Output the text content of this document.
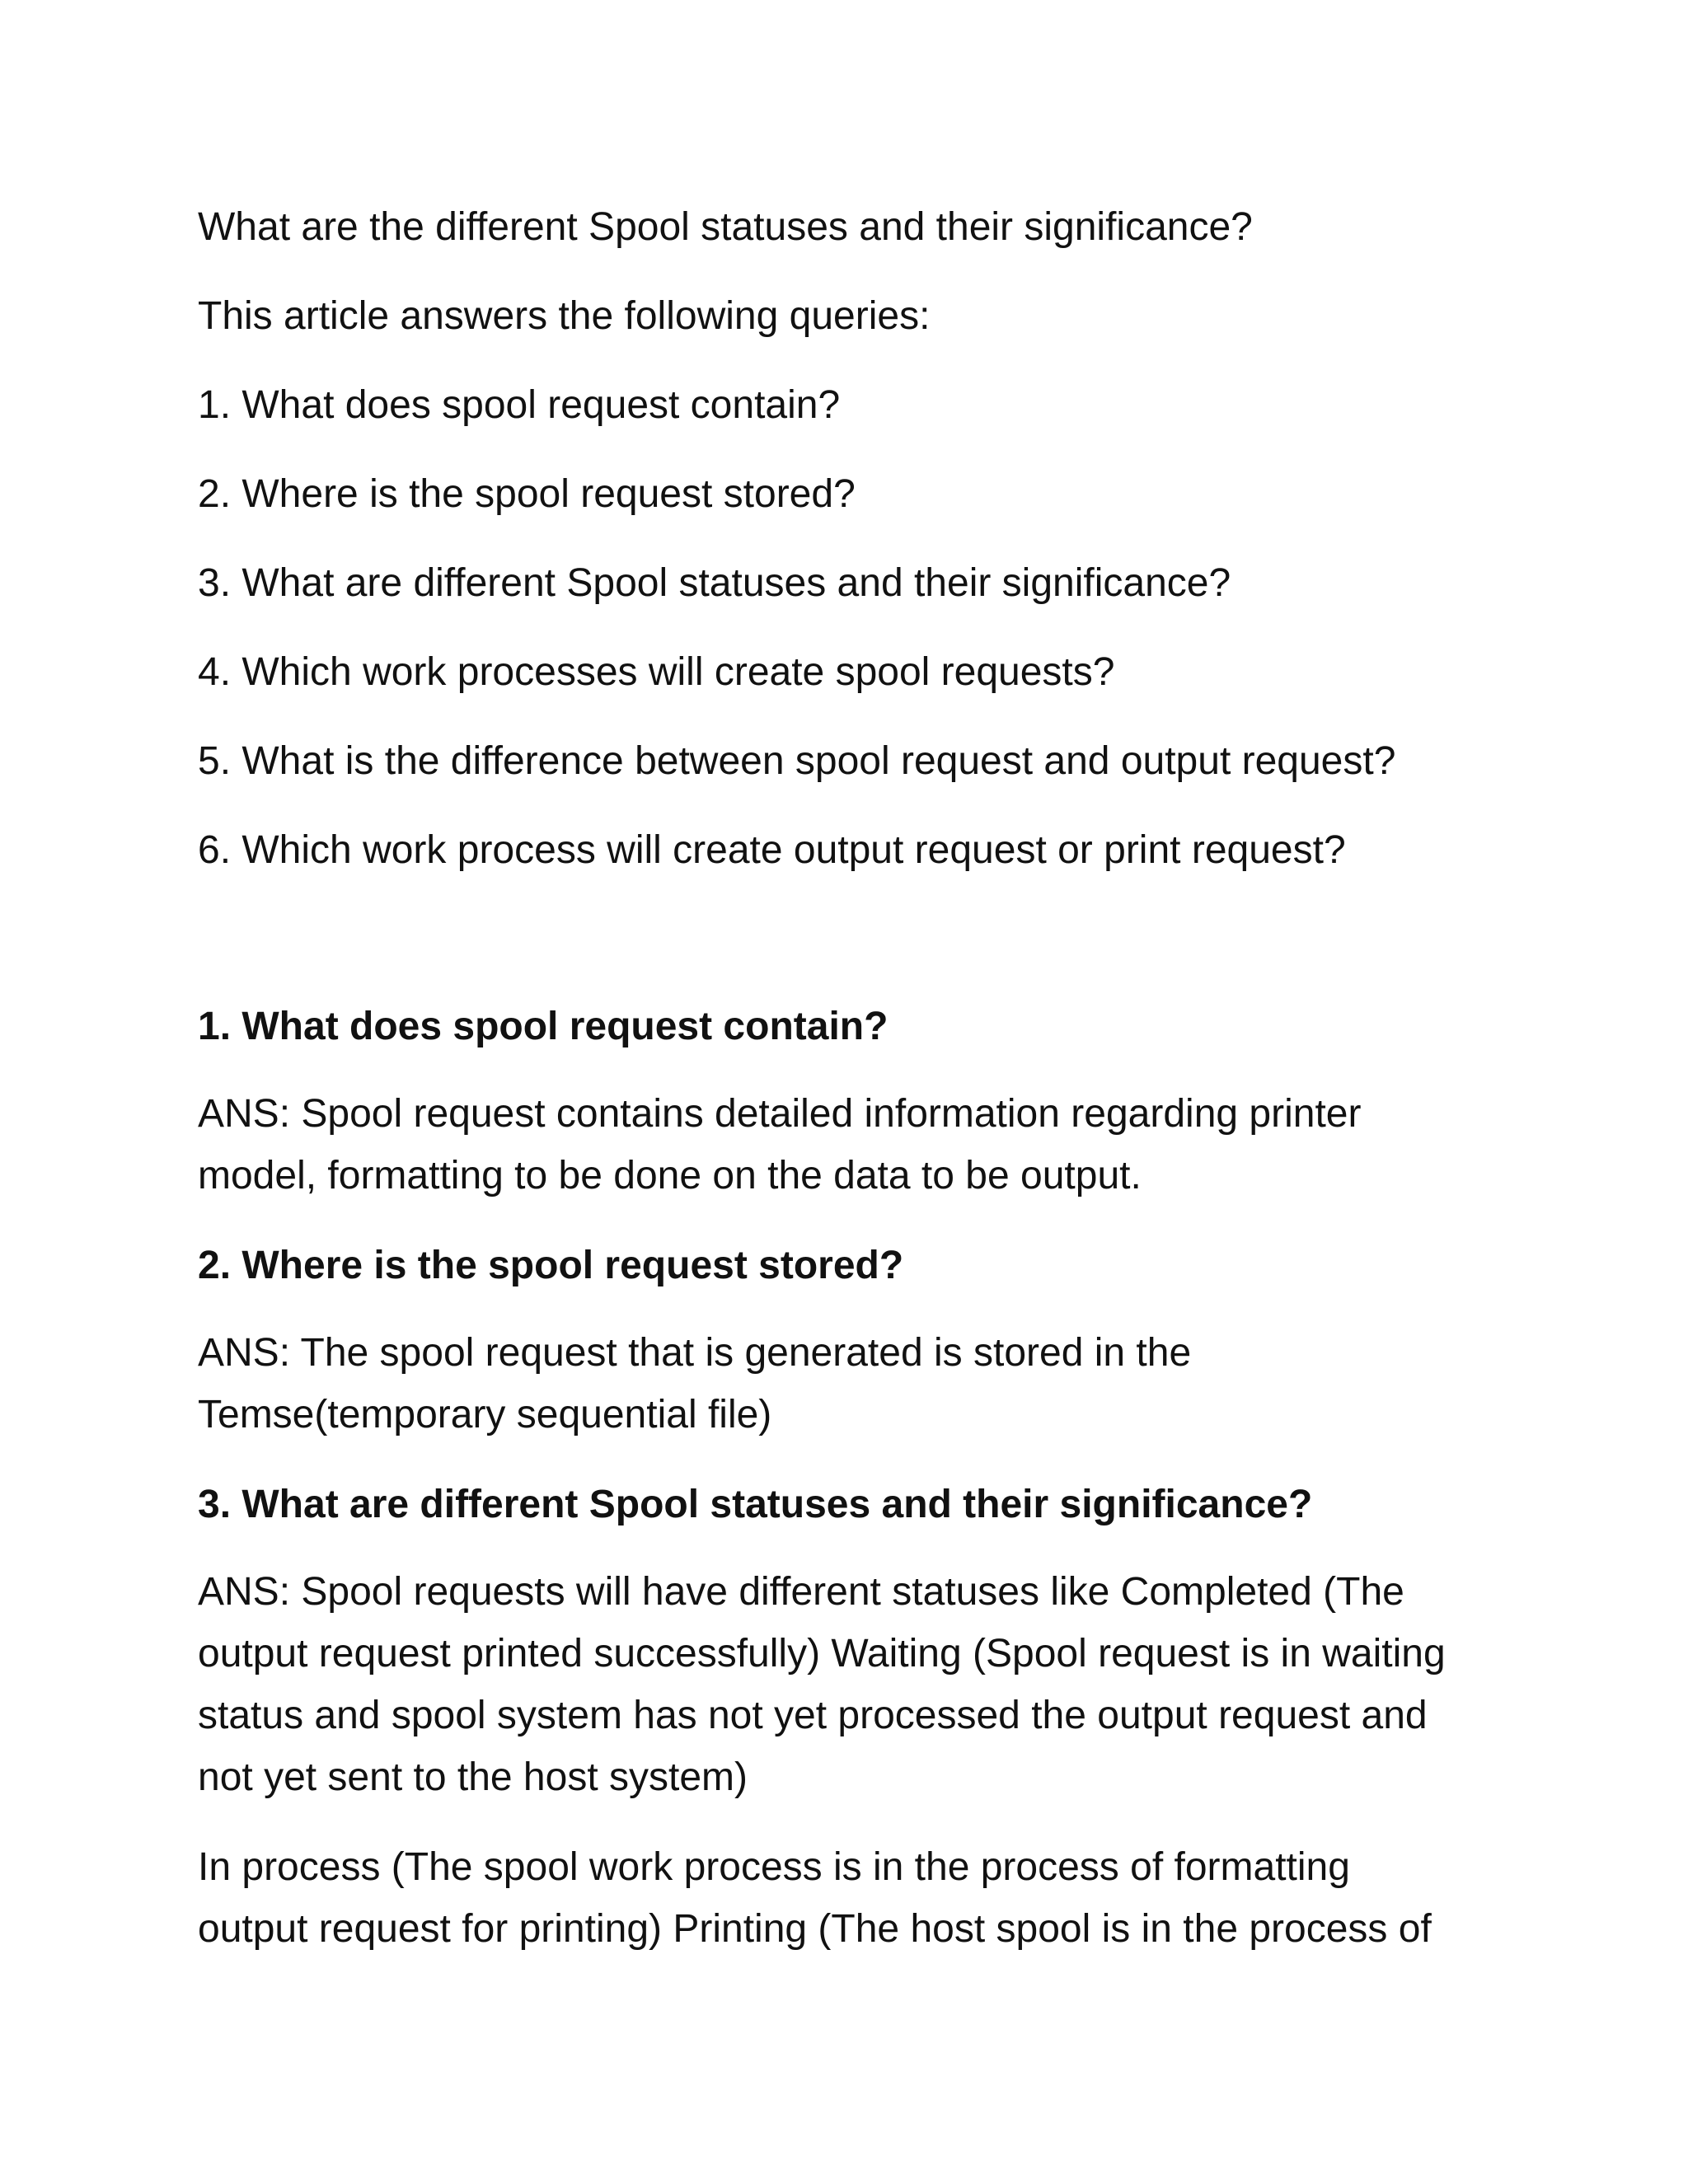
What are the different Spool statuses and their significance?

This article answers the following queries:

1. What does spool request contain?

2. Where is the spool request stored?

3. What are different Spool statuses and their significance?

4. Which work processes will create spool requests?

5. What is the difference between spool request and output request?

6. Which work process will create output request or print request?

1. What does spool request contain?

ANS: Spool request contains detailed information regarding printer
model, formatting to be done on the data to be output.

2. Where is the spool request stored?

ANS: The spool request that is generated is stored in the
Temse(temporary sequential file)

3. What are different Spool statuses and their significance?

ANS: Spool requests will have different statuses like Completed (The
output request printed successfully) Waiting (Spool request is in waiting
status and spool system has not yet processed the output request and
not yet sent to the host system)

In process (The spool work process is in the process of formatting
output request for printing) Printing (The host spool is in the process of
